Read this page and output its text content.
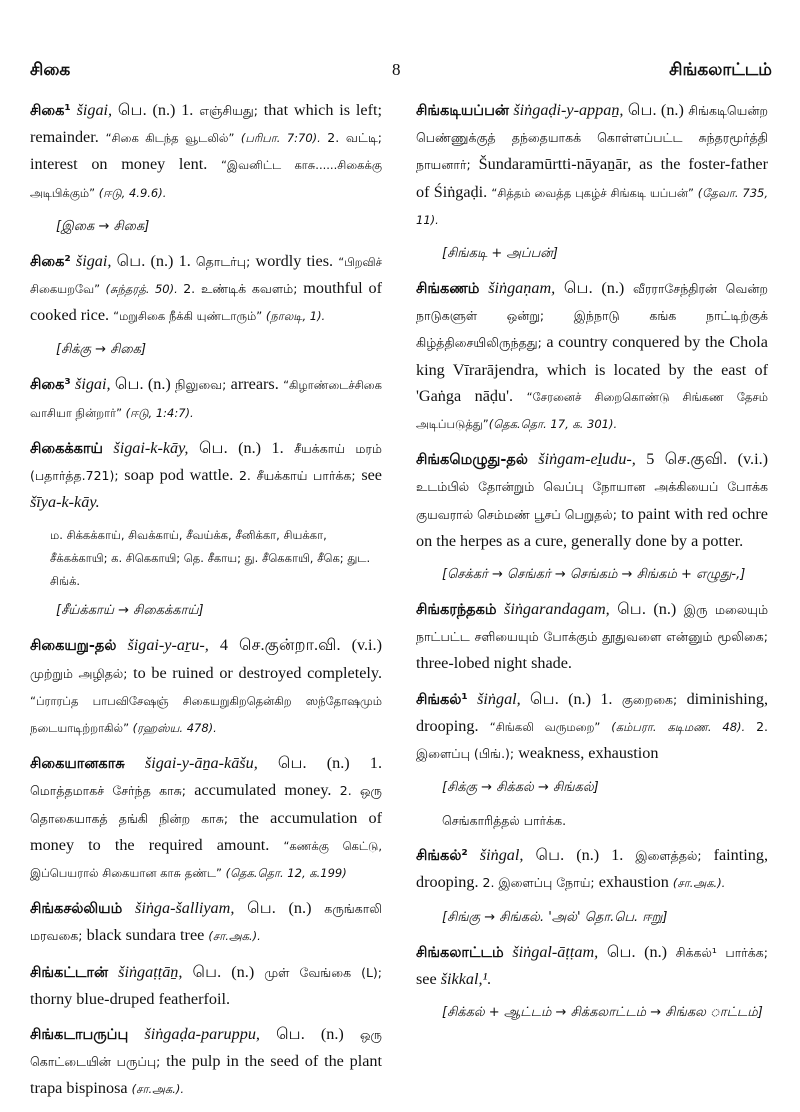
சிகை	8	சிங்கலாட்டம்
சிகை¹ šigai, பெ. (n.) 1. எஞ்சியது; that which is left; remainder. “சிகை கிடந்த வூடலில்” (பரிபா. 7:70). 2. வட்டி; interest on money lent. “இவனிட்ட காசு......சிகைக்கு அடிபிக்கும்” (ஈடு, 4.9.6).
[இகை → சிகை]
சிகை² šigai, பெ. (n.) 1. தொடர்பு; wordly ties. “பிறவிச் சிகையறவே” (சுந்தரத். 50). 2. உண்டிக் கவளம்; mouthful of cooked rice. “மறுசிகை நீக்கி யுண்டாரும்” (நாலடி, 1).
[சிக்கு → சிகை]
சிகை³ šigai, பெ. (n.) நிலுவை; arrears. “கிழாண்டைச்சிகை வாசியா நின்றார்” (ஈடு, 1:4:7).
சிகைக்காய் šigai-k-kāy, பெ. (n.) 1. சீயக்காய் மரம் (பதார்த்த.721); soap pod wattle. 2. சீயக்காய் பார்க்க; see šīya-k-kāy.
ம. சிக்கக்காய், சிவக்காய், சீவய்க்க, சீனிக்கா, சியக்கா, சீக்கக்காயி; க. சிகெகாயி; தெ. சீகாய; து. சீகெகாயி, சீகெ; துட. சிங்க்.
[சீய்க்காய் → சிகைக்காய்]
சிகையறு-தல் šigai-y-aṟu-, 4 செ.குன்றா.வி. (v.i.) முற்றும் அழிதல்; to be ruined or destroyed completely. “ப்ராரப்த பாபவிசேஷஞ் சிகையறுகிறதென்கிற ஸந்தோஷமும் நடையாடிற்றாகில்” (ரஹஸ்ய. 478).
சிகையானகாசு šigai-y-āṉa-kāšu, பெ. (n.) 1. மொத்தமாகச் சேர்ந்த காசு; accumulated money. 2. ஒரு தொகையாகத் தங்கி நின்ற காசு; the accumulation of money to the required amount. “கணக்கு கெட்டு, இப்பெயரால் சிகையான காசு தண்ட” (தெக.தொ. 12, க.199)
சிங்கசல்லியம் šiṅga-šalliyam, பெ. (n.) கருங்காலி மரவகை; black sundara tree (சா.அக.).
சிங்கட்டான் šiṅgaṭṭāṉ, பெ. (n.) முள் வேங்கை (L); thorny blue-druped featherfoil.
சிங்கடாபருப்பு šiṅgaḍa-paruppu, பெ. (n.) ஒரு கொட்டையின் பருப்பு; the pulp in the seed of the plant trapa bispinosa (சா.அக.).
சிங்கடியப்பன் šiṅgaḍi-y-appaṉ, பெ. (n.) சிங்கடியென்ற பெண்ணுக்குத் தந்தையாகக் கொள்ளப்பட்ட சுந்தரமூர்த்தி நாயனார்; Šundaramūrtti-nāyaṉār, as the foster-father of Śiṅgaḍi. “சித்தம் வைத்த புகழ்ச் சிங்கடி யப்பன்” (தேவா. 735, 11).
[சிங்கடி + அப்பன்]
சிங்கணம் šiṅgaṇam, பெ. (n.) வீரராசேந்திரன் வென்ற நாடுகளுள் ஒன்று; இந்நாடு கங்க நாட்டிற்குக் கிழ்த்திசையிலிருந்தது; a country conquered by the Chola king Vīrarājendra, which is located by the east of 'Gaṅga nāḍu'. “சேரனைச் சிறைகொண்டு சிங்கண தேசம் அடிப்படுத்து”(தெக.தொ. 17, க. 301).
சிங்கமெழுது-தல் šiṅgam-eḻudu-, 5 செ.குவி. (v.i.) உடம்பில் தோன்றும் வெப்பு நோயான அக்கியைப் போக்க குயவரால் செம்மண் பூசப் பெறுதல்; to paint with red ochre on the herpes as a cure, generally done by a potter.
[செக்கர் → செங்கர் → செங்கம் → சிங்கம் + எழுது-,]
சிங்கரந்தகம் šiṅgarandagam, பெ. (n.) இரு மலையும் நாட்பட்ட சளியையும் போக்கும் தூதுவளை என்னும் மூலிகை; three-lobed night shade.
சிங்கல்¹ šiṅgal, பெ. (n.) 1. குறைகை; diminishing, drooping. “சிங்கலி வருமறை” (கம்பரா. கடிமண. 48). 2. இளைப்பு (பிங்.); weakness, exhaustion
[சிக்கு → சிக்கல் → சிங்கல்]
செங்காரித்தல் பார்க்க.
சிங்கல்² šiṅgal, பெ. (n.) 1. இளைத்தல்; fainting, drooping. 2. இளைப்பு நோய்; exhaustion (சா.அக.).
[சிங்கு → சிங்கல். 'அல்' தொ.பெ. ஈறு]
சிங்கலாட்டம் šiṅgal-āṭṭam, பெ. (n.) சிக்கல்¹ பார்க்க; see šikkal,¹.
[சிக்கல் + ஆட்டம் → சிக்கலாட்டம் → சிங்கல ாட்டம்]
